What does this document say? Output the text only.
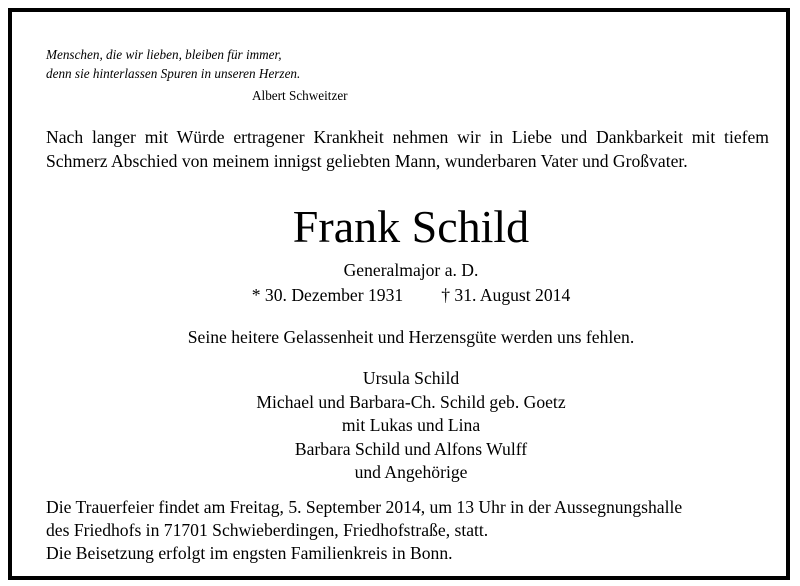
Menschen, die wir lieben, bleiben für immer,
denn sie hinterlassen Spuren in unseren Herzen.
Albert Schweitzer
Nach langer mit Würde ertragener Krankheit nehmen wir in Liebe und Dankbarkeit mit tiefem Schmerz Abschied von meinem innigst geliebten Mann, wunderbaren Vater und Großvater.
Frank Schild
Generalmajor a. D.
* 30. Dezember 1931 † 31. August 2014
Seine heitere Gelassenheit und Herzensgüte werden uns fehlen.
Ursula Schild
Michael und Barbara-Ch. Schild geb. Goetz
mit Lukas und Lina
Barbara Schild und Alfons Wulff
und Angehörige
Die Trauerfeier findet am Freitag, 5. September 2014, um 13 Uhr in der Aussegnungshalle
des Friedhofs in 71701 Schwieberdingen, Friedhofstraße, statt.
Die Beisetzung erfolgt im engsten Familienkreis in Bonn.
